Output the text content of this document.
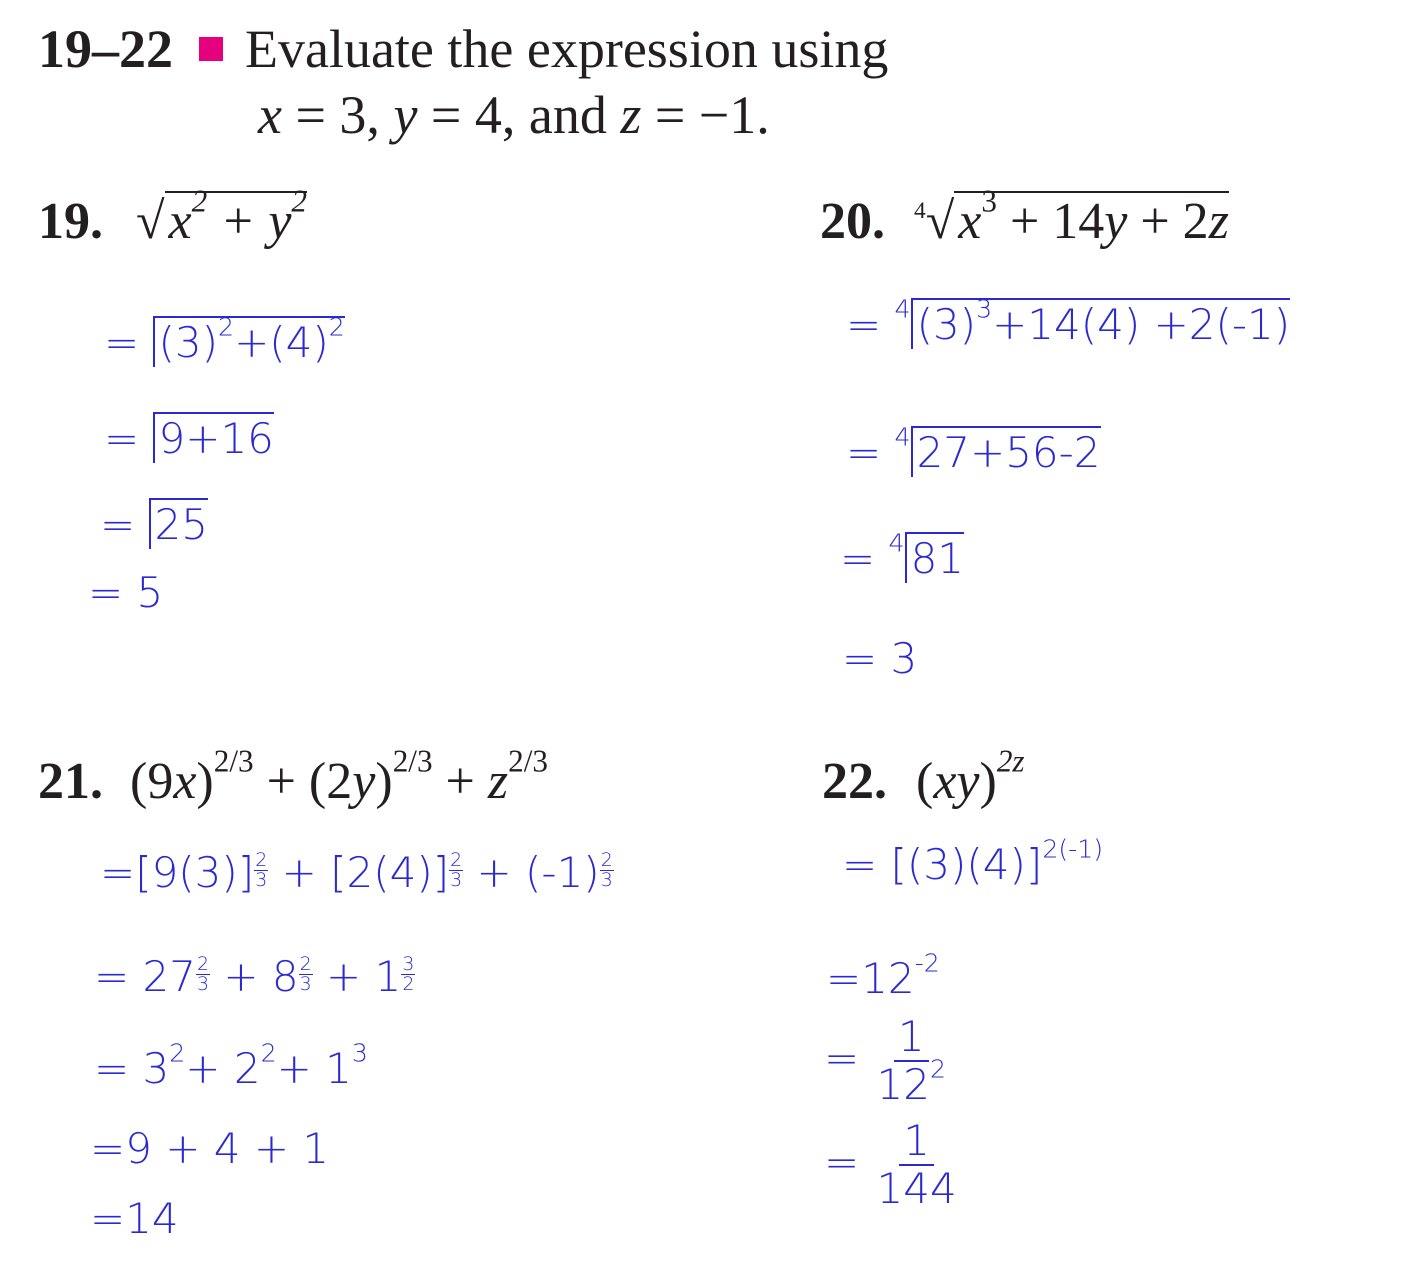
19–22 Evaluate the expression using
x = 3, y = 4, and z = −1.
19. $√x^2 + y^2$
= $(3)^2+(4)^2$
= 9+16
= 25
= 5
20. $^4√x^3 + 14y + 2z$
= $^4$ $(3)^3+14(4) +2(-1)$
= $^4$ 27+56-2
= $^4$ 81
= 3
21. $(9x)^{2/3} + (2y)^{2/3} + z^{2/3}$
$=[9(3)] \frac{2}{3} + [2(4)] \frac{2}{3} + (-1) \frac{2}{3}$
= $27 \frac{2}{3} + 8 \frac{2}{3} + 1 \frac{3}{2}$
= $3^2+ 2^2+ 1^3$
=9 + 4 + 1
=14
22. (xy)$^{2z}$
= $[(3)(4)]^{2(-1)}$
$=12^{-2}$
= $\frac{1}{12^2}$
= $\frac{1}{144}$
